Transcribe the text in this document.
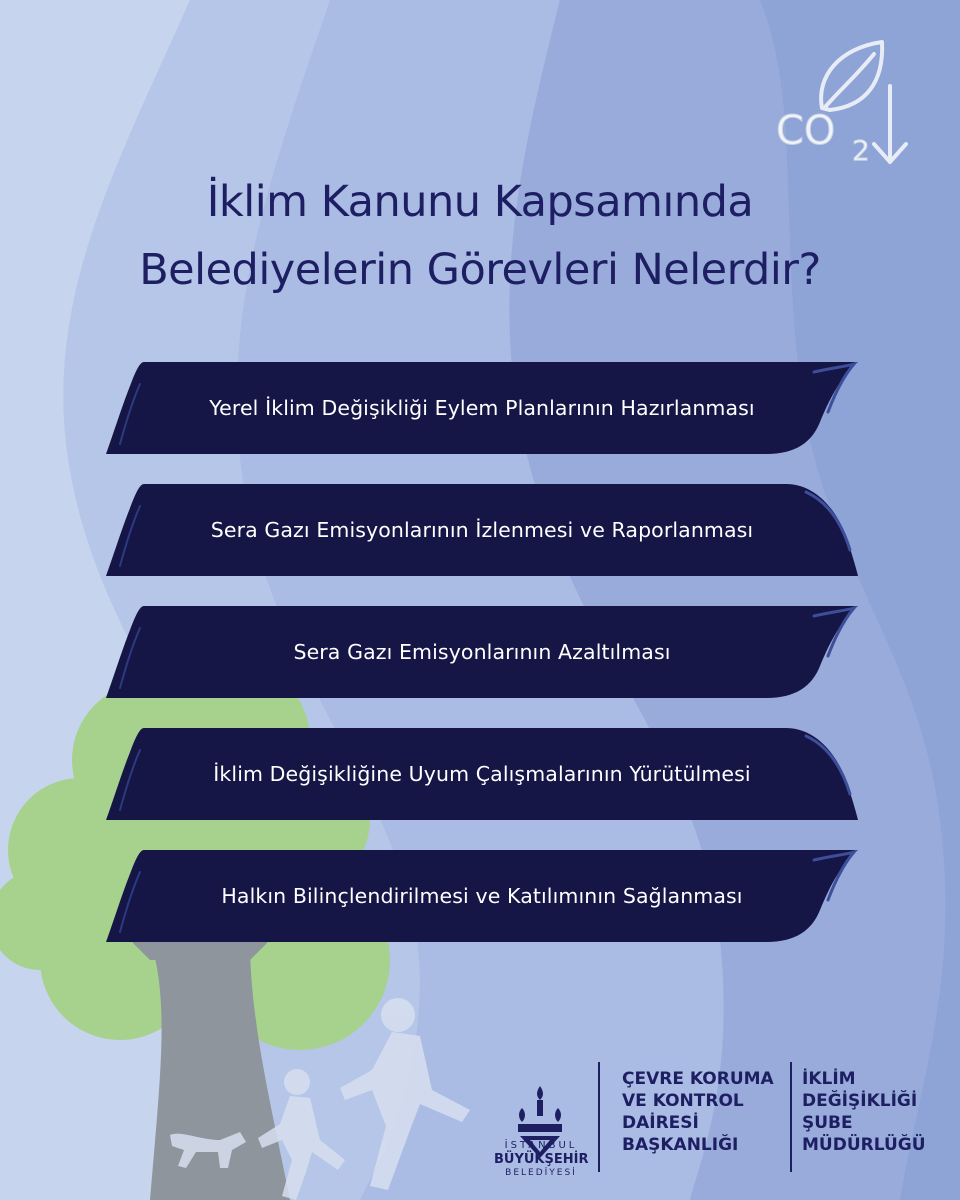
CO 2
İklim Kanunu Kapsamında
Belediyelerin Görevleri Nelerdir?
Yerel İklim Değişikliği Eylem Planlarının Hazırlanması
Sera Gazı Emisyonlarının İzlenmesi ve Raporlanması
Sera Gazı Emisyonlarının Azaltılması
İklim Değişikliğine Uyum Çalışmalarının Yürütülmesi
Halkın Bilinçlendirilmesi ve Katılımının Sağlanması
İSTANBUL
BÜYÜKŞEHİR
BELEDİYESİ
ÇEVRE KORUMA
VE KONTROL
DAİRESİ
BAŞKANLIĞI
İKLİM
DEĞİŞİKLİĞİ
ŞUBE
MÜDÜRLÜĞÜ
